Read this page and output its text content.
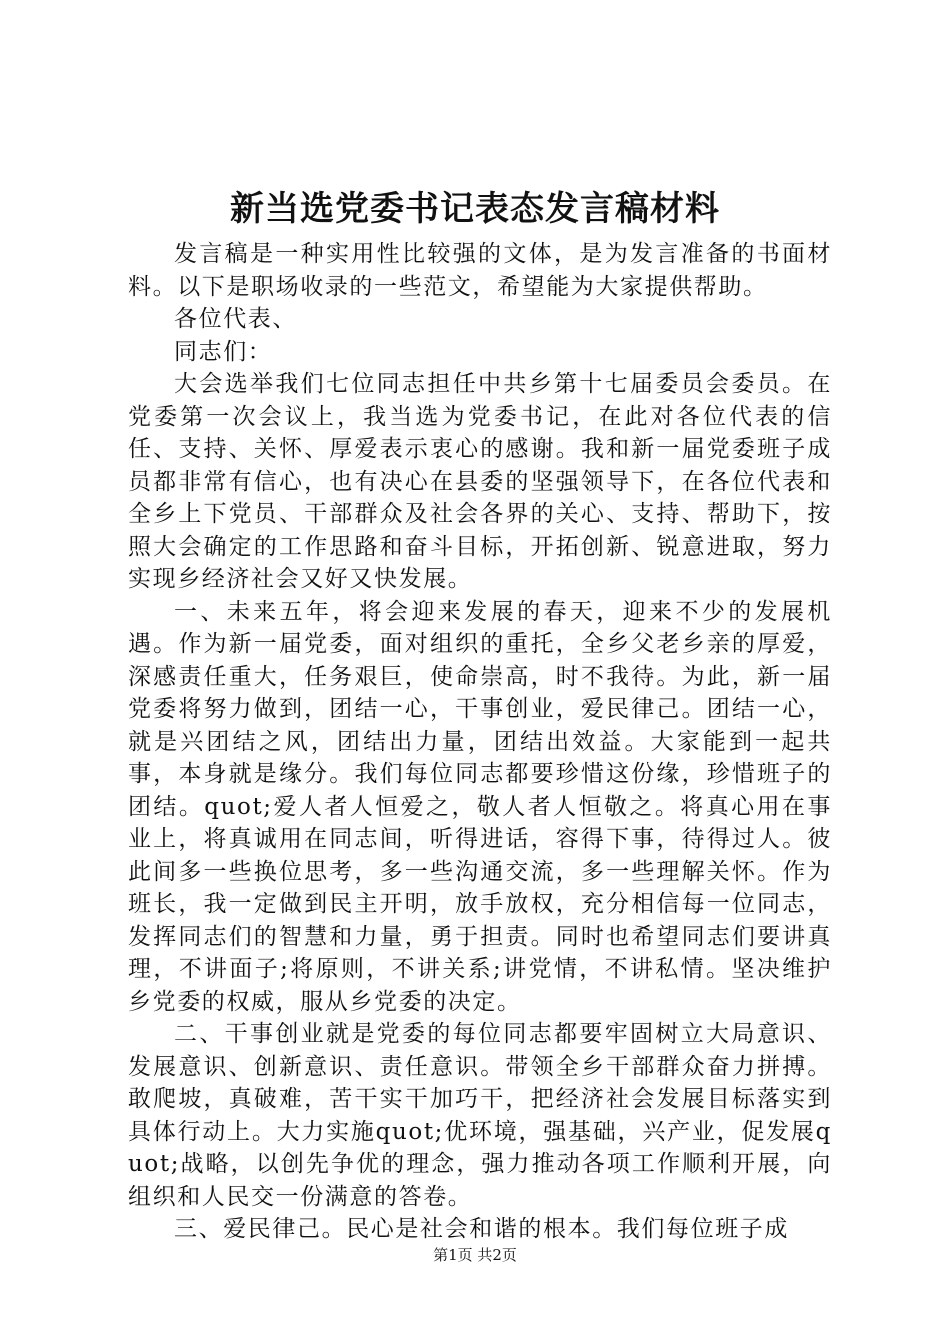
新当选党委书记表态发言稿材料

发言稿是一种实用性比较强的文体，是为发言准备的书面材料。以下是职场收录的一些范文，希望能为大家提供帮助。

各位代表、

同志们：

大会选举我们七位同志担任中共乡第十七届委员会委员。在党委第一次会议上，我当选为党委书记，在此对各位代表的信任、支持、关怀、厚爱表示衷心的感谢。我和新一届党委班子成员都非常有信心，也有决心在县委的坚强领导下，在各位代表和全乡上下党员、干部群众及社会各界的关心、支持、帮助下，按照大会确定的工作思路和奋斗目标，开拓创新、锐意进取，努力实现乡经济社会又好又快发展。

一、未来五年，将会迎来发展的春天，迎来不少的发展机遇。作为新一届党委，面对组织的重托，全乡父老乡亲的厚爱，深感责任重大，任务艰巨，使命崇高，时不我待。为此，新一届党委将努力做到，团结一心，干事创业，爱民律己。团结一心，就是兴团结之风，团结出力量，团结出效益。大家能到一起共事，本身就是缘分。我们每位同志都要珍惜这份缘，珍惜班子的团结。quot;爱人者人恒爱之，敬人者人恒敬之。将真心用在事业上，将真诚用在同志间，听得进话，容得下事，待得过人。彼此间多一些换位思考，多一些沟通交流，多一些理解关怀。作为班长，我一定做到民主开明，放手放权，充分相信每一位同志，发挥同志们的智慧和力量，勇于担责。同时也希望同志们要讲真理，不讲面子;将原则，不讲关系;讲党情，不讲私情。坚决维护乡党委的权威，服从乡党委的决定。

二、干事创业就是党委的每位同志都要牢固树立大局意识、发展意识、创新意识、责任意识。带领全乡干部群众奋力拼搏。敢爬坡，真破难，苦干实干加巧干，把经济社会发展目标落实到具体行动上。大力实施quot;优环境，强基础，兴产业，促发展quot;战略，以创先争优的理念，强力推动各项工作顺利开展，向组织和人民交一份满意的答卷。

三、爱民律己。民心是社会和谐的根本。我们每位班子成

第1页 共2页
